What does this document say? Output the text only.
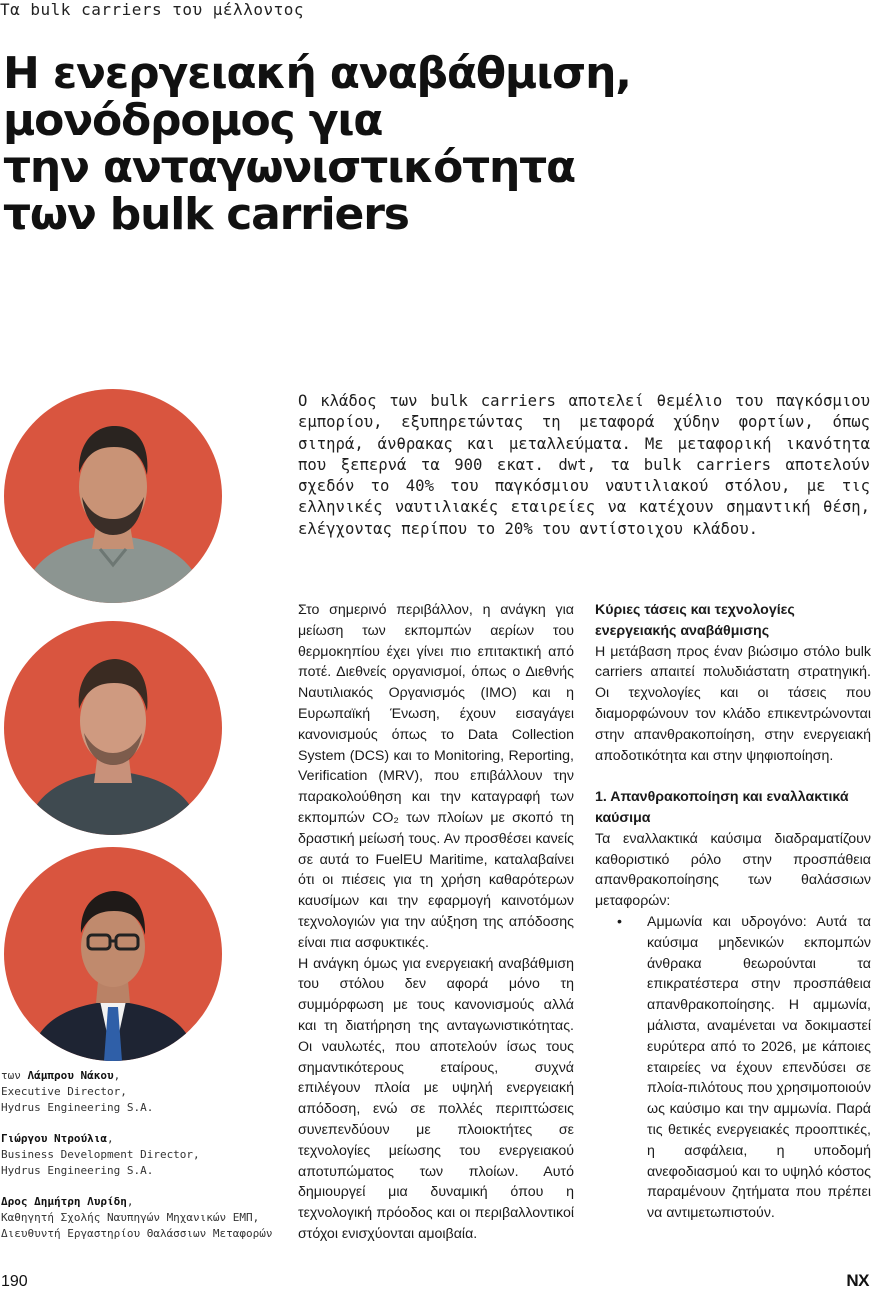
Τα bulk carriers του μέλλοντος
Η ενεργειακή αναβάθμιση,
μονόδρομος για
την ανταγωνιστικότητα
των bulk carriers

Ο κλάδος των bulk carriers αποτελεί θεμέλιο του παγκόσμιου εμπορίου, εξυπηρετώντας τη μεταφορά χύδην φορτίων, όπως σιτηρά, άνθρακας και μεταλλεύματα. Με μεταφορική ικανότητα που ξεπερνά τα 900 εκατ. dwt, τα bulk carriers αποτελούν σχεδόν το 40% του παγκόσμιου ναυτιλιακού στόλου, με τις ελληνικές ναυτιλιακές εταιρείες να κατέχουν σημαντική θέση, ελέγχοντας περίπου το 20% του αντίστοιχου κλάδου.

των Λάμπρου Νάκου,
Executive Director,
Hydrus Engineering S.A.

Γιώργου Ντρούλια,
Business Development Director,
Hydrus Engineering S.A.

Δρος Δημήτρη Λυρίδη,
Καθηγητή Σχολής Ναυπηγών Μηχανικών ΕΜΠ,
Διευθυντή Εργαστηρίου Θαλάσσιων Μεταφορών

Στο σημερινό περιβάλλον, η ανάγκη για μείωση των εκπομπών αερίων του θερμοκηπίου έχει γίνει πιο επιτακτική από ποτέ. Διεθνείς οργανισμοί, όπως ο Διεθνής Ναυτιλιακός Οργανισμός (IMO) και η Ευρωπαϊκή Ένωση, έχουν εισαγάγει κανονισμούς όπως το Data Collection System (DCS) και το Monitoring, Reporting, Verification (MRV), που επιβάλλουν την παρακολούθηση και την καταγραφή των εκπομπών CO₂ των πλοίων με σκοπό τη δραστική μείωσή τους. Αν προσθέσει κανείς σε αυτά το FuelEU Maritime, καταλαβαίνει ότι οι πιέσεις για τη χρήση καθαρότερων καυσίμων και την εφαρμογή καινοτόμων τεχνολογιών για την αύξηση της απόδοσης είναι πια ασφυκτικές.

Η ανάγκη όμως για ενεργειακή αναβάθμιση του στόλου δεν αφορά μόνο τη συμμόρφωση με τους κανονισμούς αλλά και τη διατήρηση της ανταγωνιστικότητας. Οι ναυλωτές, που αποτελούν ίσως τους σημαντικότερους εταίρους, συχνά επιλέγουν πλοία με υψηλή ενεργειακή απόδοση, ενώ σε πολλές περιπτώσεις συνεπενδύουν με πλοιοκτήτες σε τεχνολογίες μείωσης του ενεργειακού αποτυπώματος των πλοίων. Αυτό δημιουργεί μια δυναμική όπου η τεχνολογική πρόοδος και οι περιβαλλοντικοί στόχοι ενισχύονται αμοιβαία.

Κύριες τάσεις και τεχνολογίες ενεργειακής αναβάθμισης

Η μετάβαση προς έναν βιώσιμο στόλο bulk carriers απαιτεί πολυδιάστατη στρατηγική. Οι τεχνολογίες και οι τάσεις που διαμορφώνουν τον κλάδο επικεντρώνονται στην απανθρακοποίηση, στην ενεργειακή αποδοτικότητα και στην ψηφιοποίηση.

1. Απανθρακοποίηση και εναλλακτικά καύσιμα

Τα εναλλακτικά καύσιμα διαδραματίζουν καθοριστικό ρόλο στην προσπάθεια απανθρακοποίησης των θαλάσσιων μεταφορών:

• Αμμωνία και υδρογόνο: Αυτά τα καύσιμα μηδενικών εκπομπών άνθρακα θεωρούνται τα επικρατέστερα στην προσπάθεια απανθρακοποίησης. Η αμμωνία, μάλιστα, αναμένεται να δοκιμαστεί ευρύτερα από το 2026, με κάποιες εταιρείες να έχουν επενδύσει σε πλοία-πιλότους που χρησιμοποιούν ως καύσιμο και την αμμωνία. Παρά τις θετικές ενεργειακές προοπτικές, η ασφάλεια, η υποδομή ανεφοδιασμού και το υψηλό κόστος παραμένουν ζητήματα που πρέπει να αντιμετωπιστούν.

190	NX
